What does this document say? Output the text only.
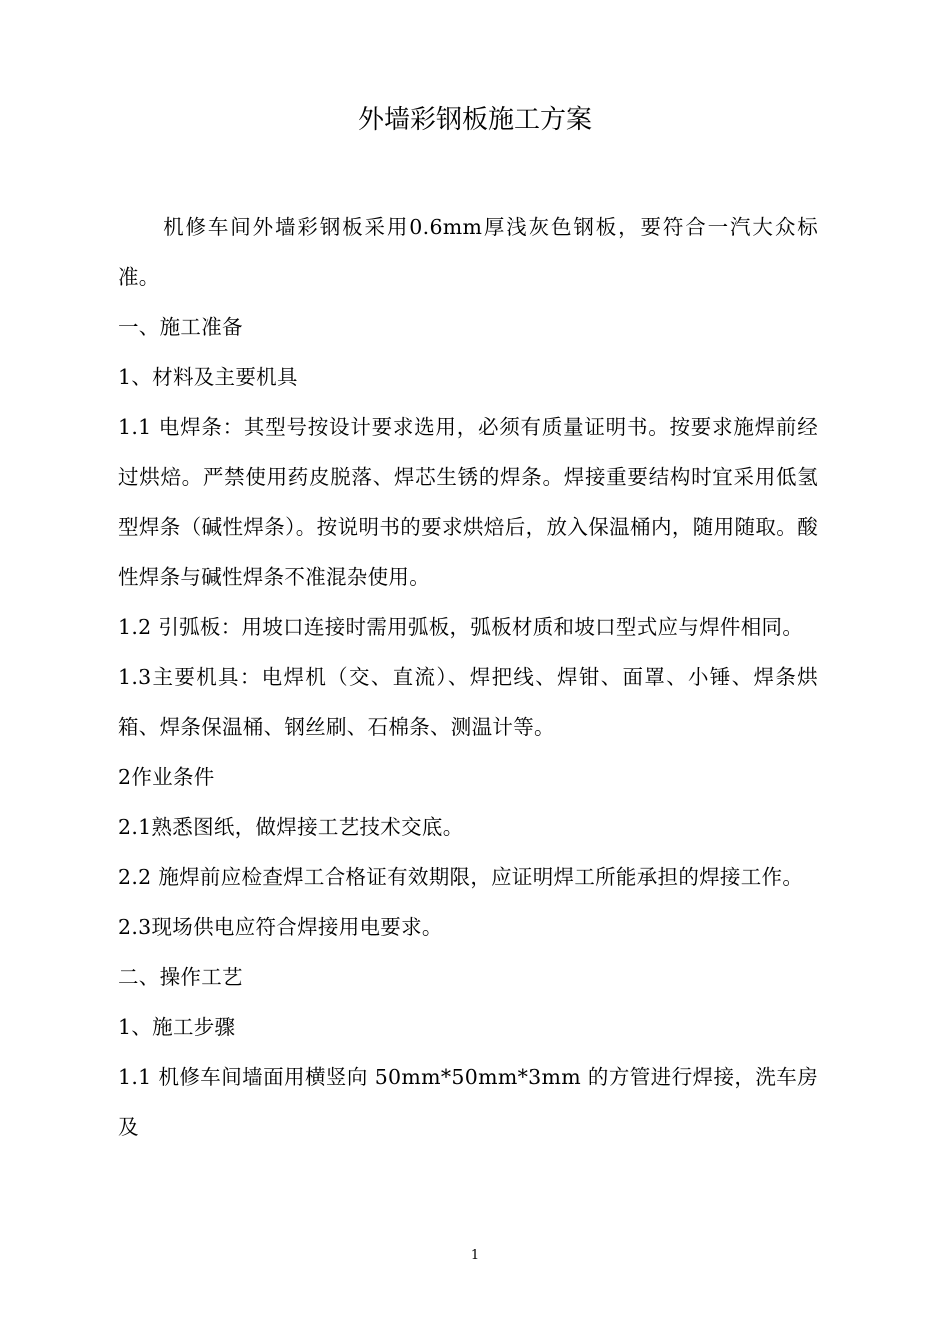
外墙彩钢板施工方案

机修车间外墙彩钢板采用0.6mm厚浅灰色钢板，要符合一汽大众标准。

一、施工准备

1、材料及主要机具

1.1 电焊条：其型号按设计要求选用，必须有质量证明书。按要求施焊前经过烘焙。严禁使用药皮脱落、焊芯生锈的焊条。焊接重要结构时宜采用低氢型焊条（碱性焊条）。按说明书的要求烘焙后，放入保温桶内，随用随取。酸性焊条与碱性焊条不准混杂使用。

1.2 引弧板：用坡口连接时需用弧板，弧板材质和坡口型式应与焊件相同。

1.3主要机具：电焊机（交、直流）、焊把线、焊钳、面罩、小锤、焊条烘箱、焊条保温桶、钢丝刷、石棉条、测温计等。

2作业条件

2.1熟悉图纸，做焊接工艺技术交底。

2.2 施焊前应检查焊工合格证有效期限，应证明焊工所能承担的焊接工作。

2.3现场供电应符合焊接用电要求。

二、操作工艺

1、施工步骤

1.1 机修车间墙面用横竖向 50mm*50mm*3mm 的方管进行焊接，洗车房及

1
